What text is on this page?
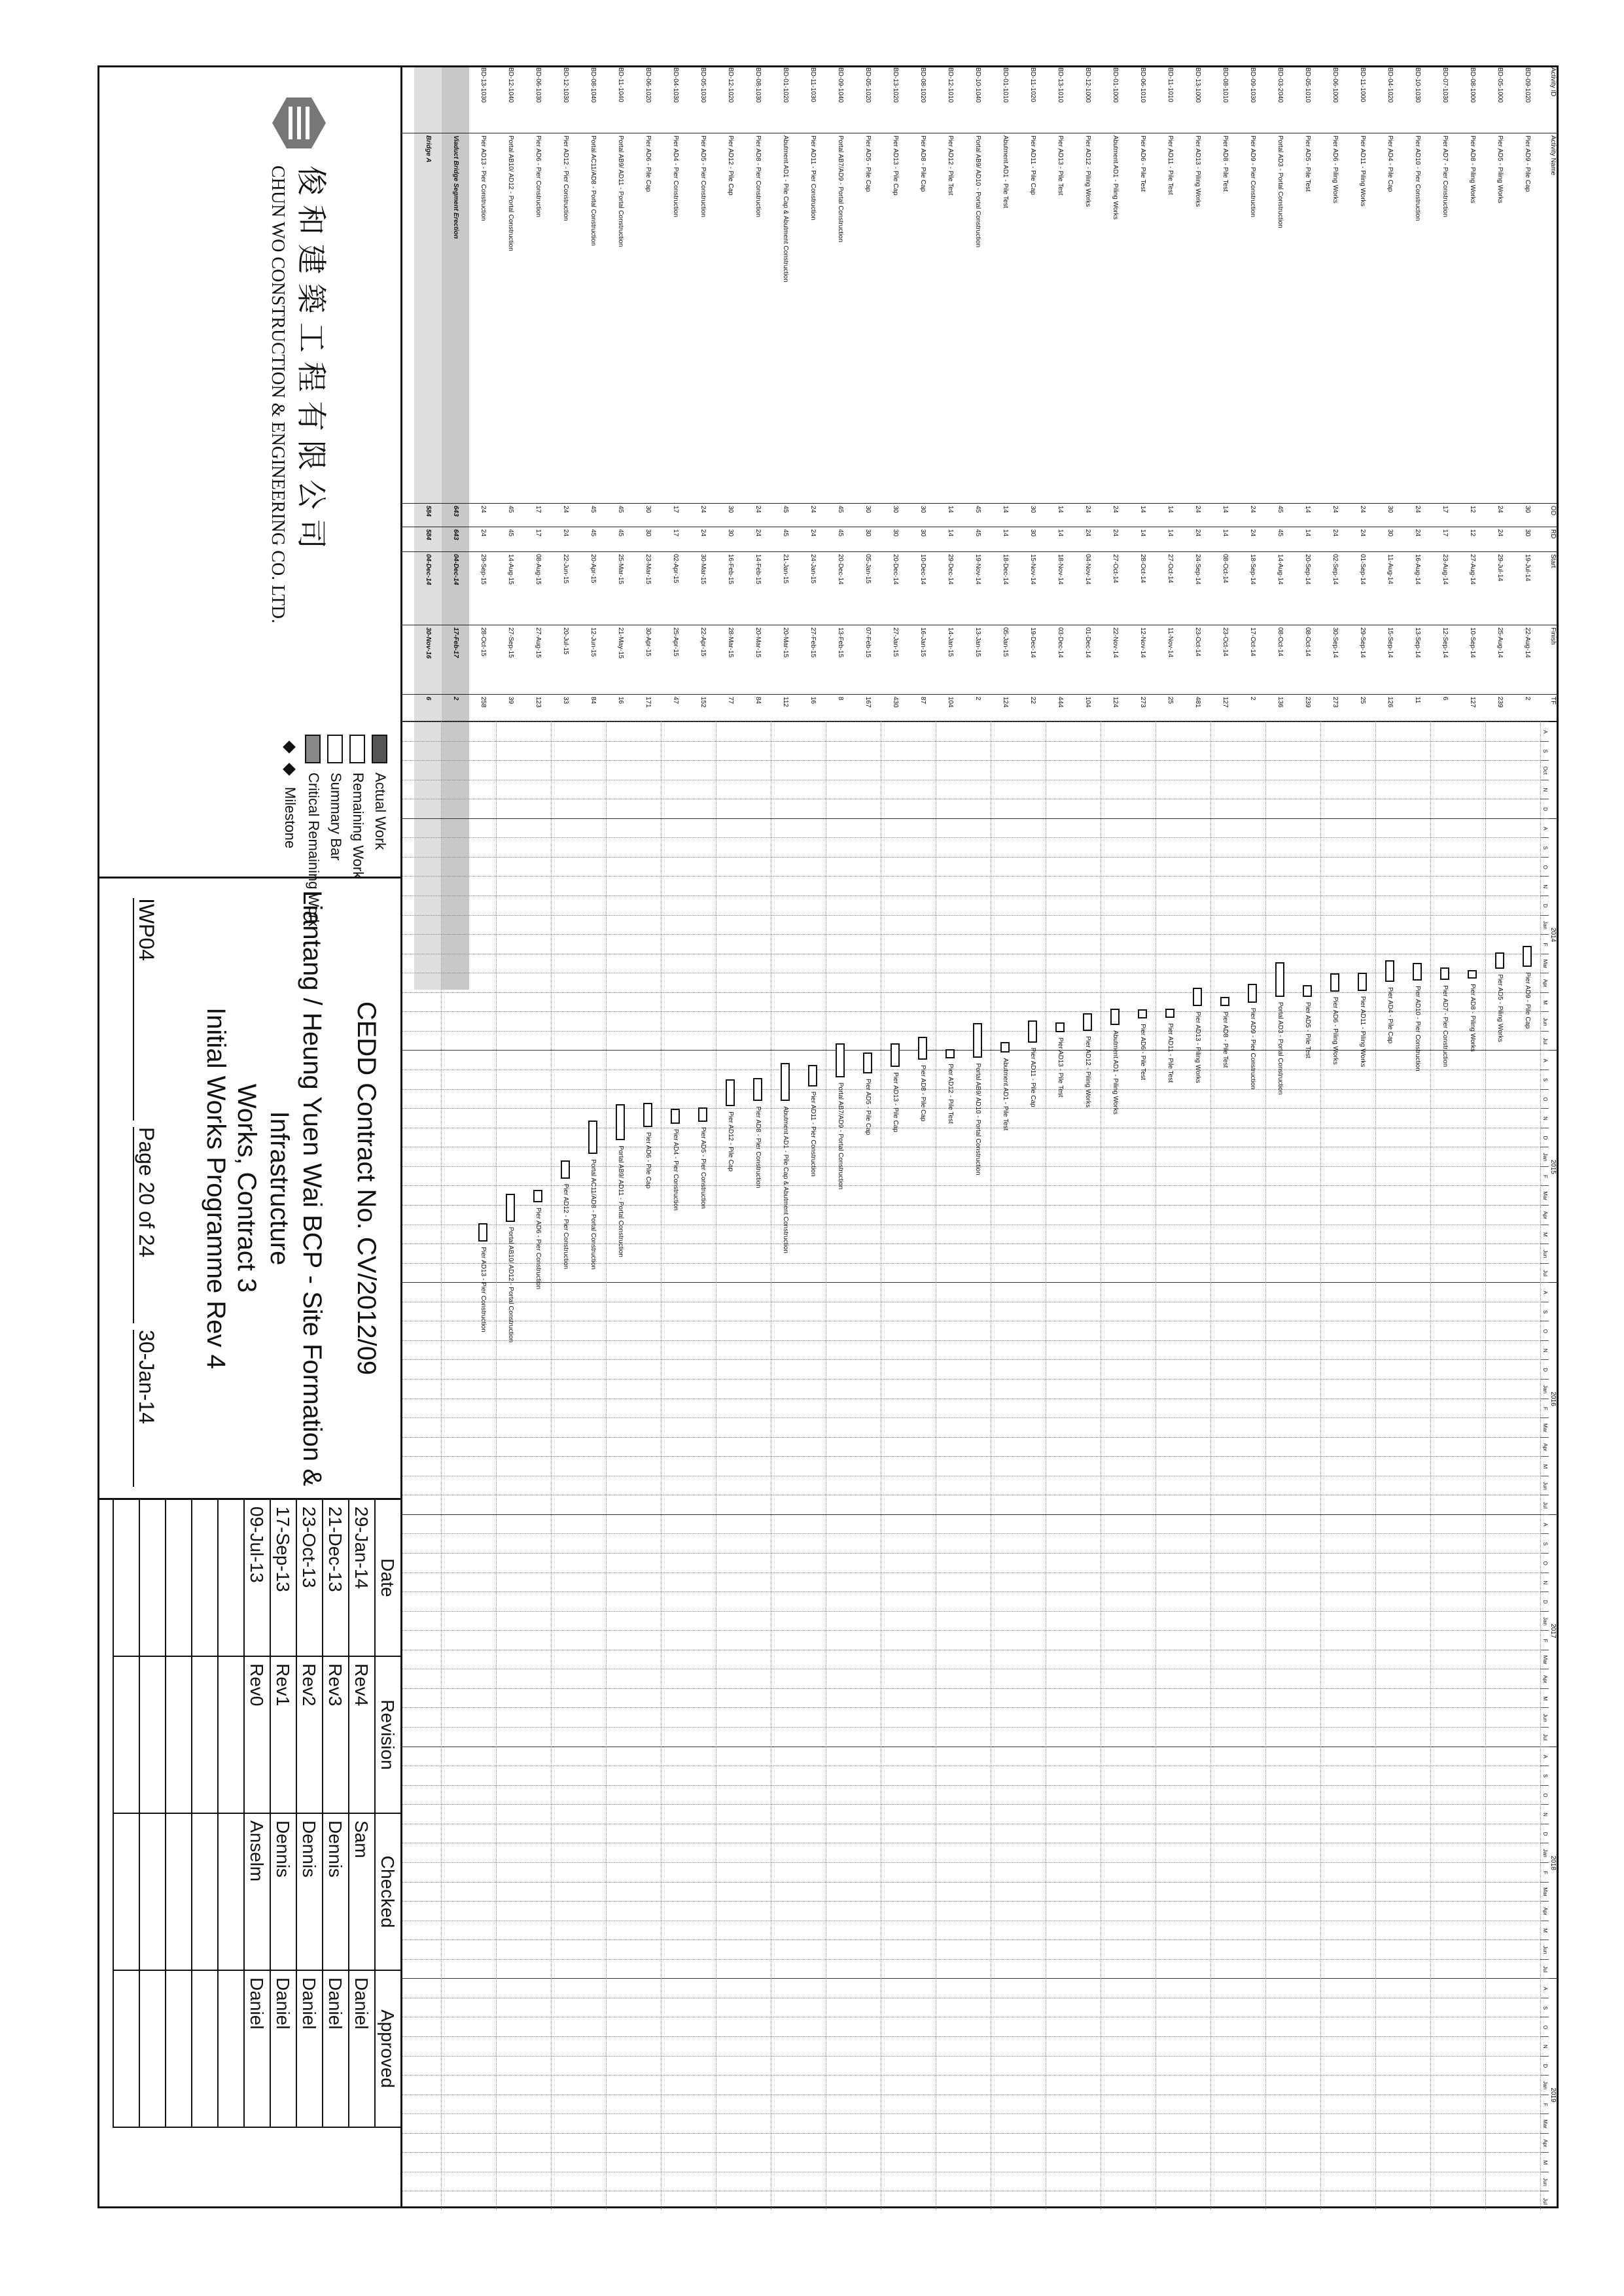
Activity ID
Activity Name
OD
RD
Start
Finish
TF
BD-09-1020
Pier AD9 - Pile Cap
30
30
19-Jul-14
22-Aug-14
2
BD-05-1000
Pier AD5 - Piling Works
24
24
29-Jul-14
25-Aug-14
239
BD-08-1000
Pier AD8 - Piling Works
12
12
27-Aug-14
10-Sep-14
127
BD-07-1030
Pier AD7 - Pier Construction
17
17
23-Aug-14
12-Sep-14
6
BD-10-1030
Pier AD10 - Pier Construction
24
24
16-Aug-14
13-Sep-14
11
BD-04-1020
Pier AD4 - Pile Cap
30
30
11-Aug-14
15-Sep-14
126
BD-11-1000
Pier AD11 - Piling Works
24
24
01-Sep-14
29-Sep-14
25
BD-06-1000
Pier AD6 - Piling Works
24
24
02-Sep-14
30-Sep-14
273
BD-05-1010
Pier AD5 - Pile Test
14
14
20-Sep-14
08-Oct-14
239
BD-03-2040
Portal AD3 - Portal Construction
45
45
14-Aug-14
08-Oct-14
136
BD-09-1030
Pier AD9 - Pier Construction
24
24
18-Sep-14
17-Oct-14
2
BD-08-1010
Pier AD8 - Pile Test
14
14
08-Oct-14
23-Oct-14
127
BD-13-1000
Pier AD13 - Piling Works
24
24
24-Sep-14
23-Oct-14
481
BD-11-1010
Pier AD11 - Pile Test
14
14
27-Oct-14
11-Nov-14
25
BD-06-1010
Pier AD6 - Pile Test
14
14
28-Oct-14
12-Nov-14
273
BD-01-1000
Abutment AD1 - Piling Works
24
24
27-Oct-14
22-Nov-14
124
BD-12-1000
Pier AD12 - Piling Works
24
24
04-Nov-14
01-Dec-14
104
BD-13-1010
Pier AD13 - Pile Test
14
14
18-Nov-14
03-Dec-14
444
BD-11-1020
Pier AD11 - Pile Cap
30
30
15-Nov-14
19-Dec-14
22
BD-01-1010
Abutment AD1 - Pile Test
14
14
18-Dec-14
05-Jan-15
124
BD-10-1040
Portal AB9/ AD10 - Portal Construction
45
45
19-Nov-14
13-Jan-15
2
BD-12-1010
Pier AD12 - Pile Test
14
14
29-Dec-14
14-Jan-15
104
BD-08-1020
Pier AD8 - Pile Cap
30
30
10-Dec-14
16-Jan-15
87
BD-13-1020
Pier AD13 - Pile Cap
30
30
20-Dec-14
27-Jan-15
430
BD-05-1020
Pier AD5 - Pile Cap
30
30
05-Jan-15
07-Feb-15
167
BD-09-1040
Portal AB7/AD9 - Portal Construction
45
45
20-Dec-14
13-Feb-15
8
BD-11-1030
Pier AD11 - Pier Construction
24
24
24-Jan-15
27-Feb-15
16
BD-01-1020
Abutment AD1 - Pile Cap & Abutment Construction
45
45
21-Jan-15
20-Mar-15
112
BD-08-1030
Pier AD8 - Pier Construction
24
24
14-Feb-15
20-Mar-15
84
BD-12-1020
Pier AD12 - Pile Cap
30
30
16-Feb-15
28-Mar-15
77
BD-05-1030
Pier AD5 - Pier Construction
24
24
30-Mar-15
22-Apr-15
152
BD-04-1030
Pier AD4 - Pier Construction
17
17
02-Apr-15
25-Apr-15
47
BD-06-1020
Pier AD6 - Pile Cap
30
30
23-Mar-15
30-Apr-15
171
BD-11-1040
Portal AB9/ AD11 - Portal Construction
45
45
25-Mar-15
21-May-15
16
BD-08-1040
Portal AC11/AD8 - Portal Construction
45
45
20-Apr-15
12-Jun-15
84
BD-12-1030
Pier AD12 - Pier Construction
24
24
22-Jun-15
20-Jul-15
33
BD-06-1030
Pier AD6 - Pier Construction
17
17
08-Aug-15
27-Aug-15
123
BD-12-1040
Portal AB10/ AD12 - Portal Construction
45
45
14-Aug-15
27-Sep-15
39
BD-13-1030
Pier AD13 - Pier Construction
24
24
29-Sep-15
28-Oct-15
258
Viaduct Bridge Segment Erection
643
643
04-Dec-14
17-Feb-17
2
Bridge A
584
584
04-Dec-14
30-Nov-16
6
2014
2015
2016
2017
2018
2019
A
S
Oct
N
D
A
S
O
N
D
Jan
F
Mar
Apr
M
Jun
Jul
A
S
O
N
D
Jan
F
Mar
Apr
M
Jun
Jul
A
S
O
N
D
Jan
F
Mar
Apr
M
Jun
Jul
A
S
O
N
D
Jan
F
Mar
Apr
M
Jun
Jul
A
S
O
N
D
Jan
F
Mar
Apr
M
Jun
Jul
A
S
O
N
D
Jan
F
Mar
Apr
M
Jun
Jul
Pier AD9 - Pile Cap
Pier AD5 - Piling Works
Pier AD8 - Piling Works
Pier AD7 - Pier Construction
Pier AD10 - Pier Construction
Pier AD4 - Pile Cap
Pier AD11 - Piling Works
Pier AD6 - Piling Works
Pier AD5 - Pile Test
Portal AD3 - Portal Construction
Pier AD9 - Pier Construction
Pier AD8 - Pile Test
Pier AD13 - Piling Works
Pier AD11 - Pile Test
Pier AD6 - Pile Test
Abutment AD1 - Piling Works
Pier AD12 - Piling Works
Pier AD13 - Pile Test
Pier AD11 - Pile Cap
Abutment AD1 - Pile Test
Portal AB9/ AD10 - Portal Construction
Pier AD12 - Pile Test
Pier AD8 - Pile Cap
Pier AD13 - Pile Cap
Pier AD5 - Pile Cap
Portal AB7/AD9 - Portal Construction
Pier AD11 - Pier Construction
Abutment AD1 - Pile Cap & Abutment Construction
Pier AD8 - Pier Construction
Pier AD12 - Pile Cap
Pier AD5 - Pier Construction
Pier AD4 - Pier Construction
Pier AD6 - Pile Cap
Portal AB9/ AD11 - Portal Construction
Portal AC11/AD8 - Portal Construction
Pier AD12 - Pier Construction
Pier AD6 - Pier Construction
Portal AB10/ AD12 - Portal Construction
Pier AD13 - Pier Construction
俊和建築工程有限公司
CHUN WO CONSTRUCTION & ENGINEERING CO. LTD.
Actual Work
Remaining Work
Summary Bar
Critical Remaining Work
Milestone
CEDD Contract No. CV/2012/09
Liantang / Heung Yuen Wai BCP - Site Formation & Infrastructure
Works, Contract 3
Initial Works Programme Rev 4
IWP04
Page 20 of 24
30-Jan-14
Date
Revision
Checked
Approved
29-Jan-14
Rev4
Sam
Daniel
21-Dec-13
Rev3
Dennis
Daniel
23-Oct-13
Rev2
Dennis
Daniel
17-Sep-13
Rev1
Dennis
Daniel
09-Jul-13
Rev0
Anselm
Daniel
